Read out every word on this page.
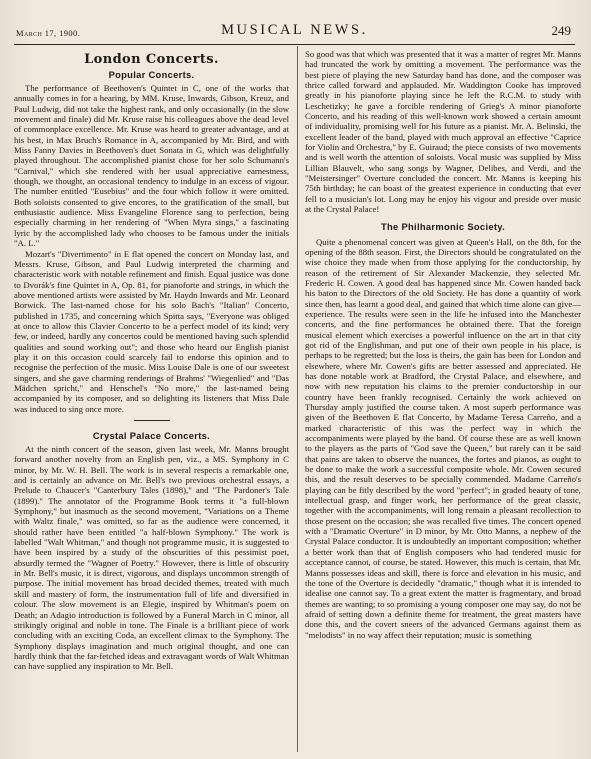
March 17, 1900.	MUSICAL NEWS.	249
London Concerts.
Popular Concerts.

The performance of Beethoven's Quintet in C, one of the works that annually comes in for a hearing, by MM. Kruse, Inwards, Gibson, Kreuz, and Paul Ludwig, did not take the highest rank, and only occasionally (in the slow movement and finale) did Mr. Kruse raise his colleagues above the dead level of commonplace excellence. Mr. Kruse was heard to greater advantage, and at his best, in Max Bruch's Romance in A, accompanied by Mr. Bird, and with Miss Fanny Davies in Beethoven's duet Sonata in G, which was delightfully played throughout. The accomplished pianist chose for her solo Schumann's "Carnival," which she rendered with her usual appreciative earnestness, though, we thought, an occasional tendency to indulge in an excess of vigour. The number entitled "Eusebius" and the four which follow it were omitted. Both soloists consented to give encores, to the gratification of the small, but enthusiastic audience. Miss Evangeline Florence sang to perfection, being especially charming in her rendering of "When Myra sings," a fascinating lyric by the accomplished lady who chooses to be famous under the initials "A. L."

Mozart's "Divertimento" in E flat opened the concert on Monday last, and Messrs. Kruse, Gibson, and Paul Ludwig interpreted the charming and characteristic work with notable refinement and finish. Equal justice was done to Dvorák's fine Quintet in A, Op. 81, for pianoforte and strings, in which the above mentioned artists were assisted by Mr. Haydn Inwards and Mr. Leonard Borwick. The last-named chose for his solo Bach's "Italian" Concerto, published in 1735, and concerning which Spitta says, "Everyone was obliged at once to allow this Clavier Concerto to be a perfect model of its kind; very few, or indeed, hardly any concertos could be mentioned having such splendid qualities and sound working out"; and those who heard our English pianist play it on this occasion could scarcely fail to endorse this opinion and to recognise the perfection of the music. Miss Louise Dale is one of our sweetest singers, and she gave charming renderings of Brahms' "Wiegenlied" and "Das Mädchen spricht," and Henschel's "No more," the last-named being accompanied by its composer, and so delighting its listeners that Miss Dale was induced to sing once more.

Crystal Palace Concerts.

At the ninth concert of the season, given last week, Mr. Manns brought forward another novelty from an English pen, viz., a MS. Symphony in C minor, by Mr. W. H. Bell. The work is in several respects a remarkable one, and is certainly an advance on Mr. Bell's two previous orchestral essays, a Prelude to Chaucer's "Canterbury Tales (1898)," and "The Pardoner's Tale (1899)." The annotator of the Programme Book terms it "a full-blown Symphony," but inasmuch as the second movement, "Variations on a Theme with Waltz finale," was omitted, so far as the audience were concerned, it should rather have been entitled "a half-blown Symphony." The work is labelled "Walt Whitman," and though not programme music, it is suggested to have been inspired by a study of the obscurities of this pessimist poet, absurdly termed the "Wagner of Poetry." However, there is little of obscurity in Mr. Bell's music, it is direct, vigorous, and displays uncommon strength of purpose. The initial movement has broad decided themes, treated with much skill and mastery of form, the instrumentation full of life and diversified in colour. The slow movement is an Elegie, inspired by Whitman's poem on Death; an Adagio introduction is followed by a Funeral March in C minor, all strikingly original and noble in tone. The Finale is a brilliant piece of work concluding with an exciting Coda, an excellent climax to the Symphony. The Symphony displays imagination and much original thought, and one can hardly think that the far-fetched ideas and extravagant words of Walt Whitman can have supplied any inspiration to Mr. Bell.

So good was that which was presented that it was a matter of regret Mr. Manns had truncated the work by omitting a movement. The performance was the best piece of playing the new Saturday band has done, and the composer was thrice called forward and applauded. Mr. Waddington Cooke has improved greatly in his pianoforte playing since he left the R.C.M. to study with Leschetizky; he gave a forcible rendering of Grieg's A minor pianoforte Concerto, and his reading of this well-known work showed a certain amount of individuality, promising well for his future as a pianist. Mr. A. Belinski, the excellent leader of the band, played with much approval an effective "Caprice for Violin and Orchestra," by E. Guiraud; the piece consists of two movements and is well worth the attention of soloists. Vocal music was supplied by Miss Lillian Blauvelt, who sang songs by Wagner, Delibes, and Verdi, and the "Meistersinger" Overture concluded the concert. Mr. Manns is keeping his 75th birthday; he can boast of the greatest experience in conducting that ever fell to a musician's lot. Long may he enjoy his vigour and preside over music at the Crystal Palace!

The Philharmonic Society.

Quite a phenomenal concert was given at Queen's Hall, on the 8th, for the opening of the 88th season. First, the Directors should be congratulated on the wise choice they made when from those applying for the conductorship, by reason of the retirement of Sir Alexander Mackenzie, they selected Mr. Frederic H. Cowen. A good deal has happened since Mr. Cowen handed back his baton to the Directors of the old Society. He has done a quantity of work since then, has learnt a good deal, and gained that which time alone can give—experience. The results were seen in the life he infused into the Manchester concerts, and the fine performances he obtained there. That the foreign musical element which exercises a powerful influence on the art in that city got rid of the Englishman, and put one of their own people in his place, is perhaps to be regretted; but the loss is theirs, the gain has been for London and elsewhere, where Mr. Cowen's gifts are better assessed and appreciated. He has done notable work at Bradford, the Crystal Palace, and elsewhere, and now with new reputation his claims to the premier conductorship in our country have been frankly recognised. Certainly the work achieved on Thursday amply justified the course taken. A most superb performance was given of the Beethoven E flat Concerto, by Madame Teresa Carreño, and a marked characteristic of this was the perfect way in which the accompaniments were played by the band. Of course these are as well known to the players as the parts of "God save the Queen," but rarely can it be said that pains are taken to observe the nuances, the fortes and pianos, as ought to be done to make the work a successful composite whole. Mr. Cowen secured this, and the result deserves to be specially commended. Madame Carreño's playing can be fitly described by the word "perfect"; in graded beauty of tone, intellectual grasp, and finger work, her performance of the great classic, together with the accompaniments, will long remain a pleasant recollection to those present on the occasion; she was recalled five times. The concert opened with a "Dramatic Overture" in D minor, by Mr. Otto Manns, a nephew of the Crystal Palace conductor. It is undoubtedly an important composition; whether a better work than that of English composers who had tendered music for acceptance cannot, of course, be stated. However, this much is certain, that Mr. Manns possesses ideas and skill, there is force and elevation in his music, and the tone of the Overture is decidedly "dramatic," though what it is intended to idealise one cannot say. To a great extent the matter is fragmentary, and broad themes are wanting; to so promising a young composer one may say, do not be afraid of setting down a definite theme for treatment, the great masters have done this, and the covert sneers of the advanced Germans against them as "melodists" in no way affect their reputation; music is something
